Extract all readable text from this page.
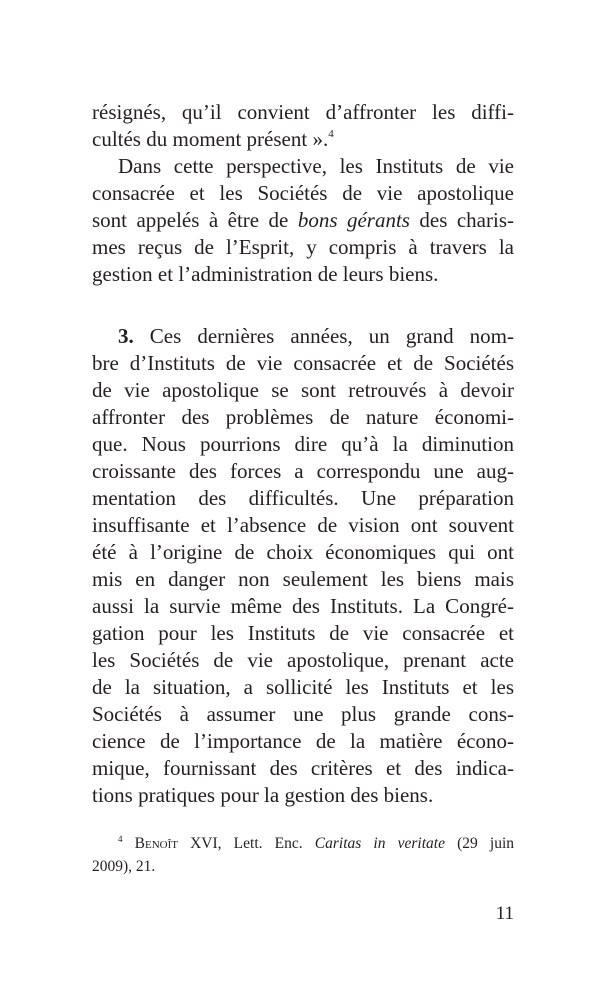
résignés, qu’il convient d’affronter les diffi-
cultés du moment présent ».$^4$
Dans cette perspective, les Instituts de vie
consacrée et les Sociétés de vie apostolique
sont appelés à être de bons gérants des charis-
mes reçus de l’Esprit, y compris à travers la
gestion et l’administration de leurs biens.
3. Ces dernières années, un grand nom-
bre d’Instituts de vie consacrée et de Sociétés
de vie apostolique se sont retrouvés à devoir
affronter des problèmes de nature économi-
que. Nous pourrions dire qu’à la diminution
croissante des forces a correspondu une aug-
mentation des difficultés. Une préparation
insuffisante et l’absence de vision ont souvent
été à l’origine de choix économiques qui ont
mis en danger non seulement les biens mais
aussi la survie même des Instituts. La Congré-
gation pour les Instituts de vie consacrée et
les Sociétés de vie apostolique, prenant acte
de la situation, a sollicité les Instituts et les
Sociétés à assumer une plus grande cons-
cience de l’importance de la matière écono-
mique, fournissant des critères et des indica-
tions pratiques pour la gestion des biens.
$^4$ Benoît XVI, Lett. Enc. Caritas in veritate (29 juin
2009), 21.
11
